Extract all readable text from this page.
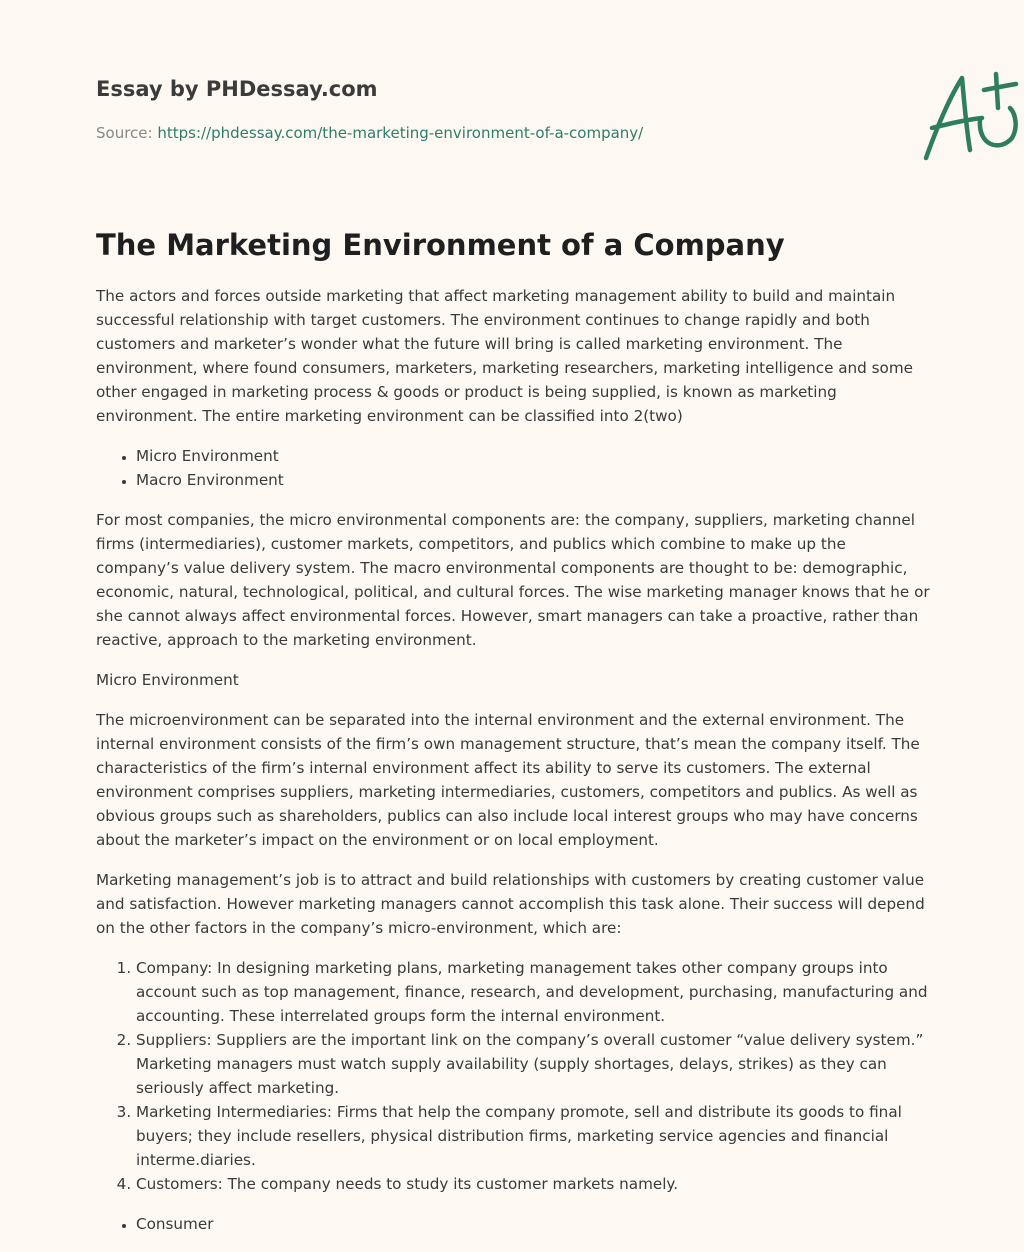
Essay by PHDessay.com
Source: https://phdessay.com/the-marketing-environment-of-a-company/
The Marketing Environment of a Company

The actors and forces outside marketing that affect marketing management ability to build and maintain successful relationship with target customers. The environment continues to change rapidly and both customers and marketer’s wonder what the future will bring is called marketing environment. The environment, where found consumers, marketers, marketing researchers, marketing intelligence and some other engaged in marketing process & goods or product is being supplied, is known as marketing environment. The entire marketing environment can be classified into 2(two)

• Micro Environment
• Macro Environment

For most companies, the micro environmental components are: the company, suppliers, marketing channel firms (intermediaries), customer markets, competitors, and publics which combine to make up the company’s value delivery system. The macro environmental components are thought to be: demographic, economic, natural, technological, political, and cultural forces. The wise marketing manager knows that he or she cannot always affect environmental forces. However, smart managers can take a proactive, rather than reactive, approach to the marketing environment.

Micro Environment

The microenvironment can be separated into the internal environment and the external environment. The internal environment consists of the firm’s own management structure, that’s mean the company itself. The characteristics of the firm’s internal environment affect its ability to serve its customers. The external environment comprises suppliers, marketing intermediaries, customers, competitors and publics. As well as obvious groups such as shareholders, publics can also include local interest groups who may have concerns about the marketer’s impact on the environment or on local employment.

Marketing management’s job is to attract and build relationships with customers by creating customer value and satisfaction. However marketing managers cannot accomplish this task alone. Their success will depend on the other factors in the company’s micro-environment, which are:

1. Company: In designing marketing plans, marketing management takes other company groups into account such as top management, finance, research, and development, purchasing, manufacturing and accounting. These interrelated groups form the internal environment.
2. Suppliers: Suppliers are the important link on the company’s overall customer “value delivery system.” Marketing managers must watch supply availability (supply shortages, delays, strikes) as they can seriously affect marketing.
3. Marketing Intermediaries: Firms that help the company promote, sell and distribute its goods to final buyers; they include resellers, physical distribution firms, marketing service agencies and financial interme.diaries.
4. Customers: The company needs to study its customer markets namely.
• Consumer
